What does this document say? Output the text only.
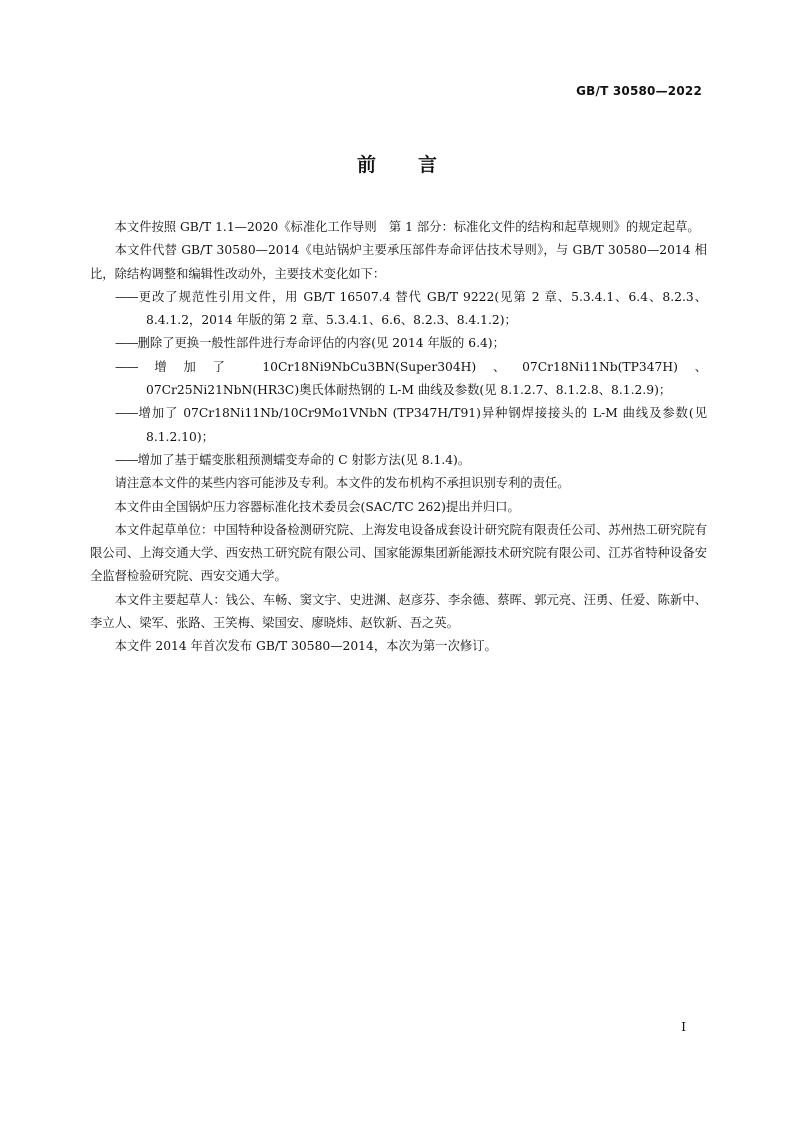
GB/T 30580—2022
前 言

本文件按照 GB/T 1.1—2020《标准化工作导则　第 1 部分：标准化文件的结构和起草规则》的规定起草。

本文件代替 GB/T 30580—2014《电站锅炉主要承压部件寿命评估技术导则》，与 GB/T 30580—2014 相比，除结构调整和编辑性改动外，主要技术变化如下：

——更改了规范性引用文件，用 GB/T 16507.4 替代 GB/T 9222(见第 2 章、5.3.4.1、6.4、8.2.3、8.4.1.2，2014 年版的第 2 章、5.3.4.1、6.6、8.2.3、8.4.1.2)；

——删除了更换一般性部件进行寿命评估的内容(见 2014 年版的 6.4)；

——增加了 10Cr18Ni9NbCu3BN(Super304H)、07Cr18Ni11Nb(TP347H)、07Cr25Ni21NbN(HR3C)奥氏体耐热钢的 L-M 曲线及参数(见 8.1.2.7、8.1.2.8、8.1.2.9)；

——增加了 07Cr18Ni11Nb/10Cr9Mo1VNbN (TP347H/T91)异种钢焊接接头的 L-M 曲线及参数(见 8.1.2.10)；

——增加了基于蠕变胀粗预测蠕变寿命的 C 射影方法(见 8.1.4)。

请注意本文件的某些内容可能涉及专利。本文件的发布机构不承担识别专利的责任。

本文件由全国锅炉压力容器标准化技术委员会(SAC/TC 262)提出并归口。

本文件起草单位：中国特种设备检测研究院、上海发电设备成套设计研究院有限责任公司、苏州热工研究院有限公司、上海交通大学、西安热工研究院有限公司、国家能源集团新能源技术研究院有限公司、江苏省特种设备安全监督检验研究院、西安交通大学。

本文件主要起草人：钱公、车畅、窦文宇、史进渊、赵彦芬、李余德、蔡晖、郭元亮、汪勇、任爱、陈新中、李立人、梁军、张路、王笑梅、梁国安、廖晓炜、赵钦新、吾之英。

本文件 2014 年首次发布 GB/T 30580—2014，本次为第一次修订。

I
